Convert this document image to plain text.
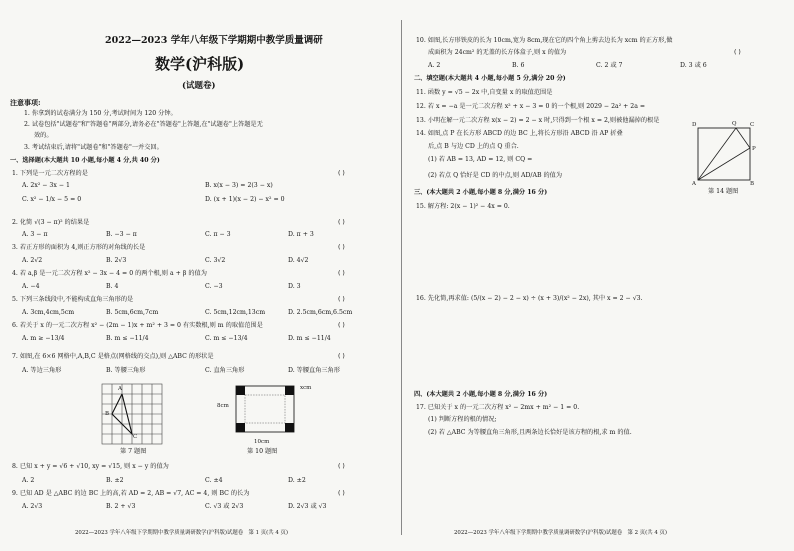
2022—2023 学年八年级下学期期中教学质量调研
数学(沪科版)
(试题卷)
注意事项:
1. 你拿到的试卷满分为 150 分,考试时间为 120 分钟。
2. 试卷包括"试题卷"和"答题卷"两部分,请务必在"答题卷"上答题,在"试题卷"上答题是无
效的。
3. 考试结束后,请将"试题卷"和"答题卷"一并交回。
一、选择题(本大题共 10 小题,每小题 4 分,共 40 分)
1. 下列是一元二次方程的是	( )
A. 2x² − 3x − 1	B. x(x − 3) = 2(3 − x)
C. x² − 1/x − 5 = 0	D. (x + 1)(x − 2) − x² = 0
2. 化简 √(3 − π)² 的结果是	( )
A. 3 − π	B. −3 − π	C. π − 3	D. π + 3
3. 若正方形的面积为 4,则正方形的对角线的长是	( )
A. 2√2	B. 2√3	C. 3√2	D. 4√2
4. 若 a,β 是一元二次方程 x² − 3x − 4 = 0 的两个根,则 a + β 的值为	( )
A. −4	B. 4	C. −3	D. 3
5. 下列三条线段中,不能构成直角三角形的是	( )
A. 3cm,4cm,5cm	B. 5cm,6cm,7cm	C. 5cm,12cm,13cm	D. 2.5cm,6cm,6.5cm
6. 若关于 x 的一元二次方程 x² − (2m − 1)x + m² + 3 = 0 有实数根,则 m 的取值范围是	( )
A. m ≥ −13/4	B. m ≤ −11/4	C. m ≤ −13/4	D. m ≤ −11/4
7. 如图,在 6×6 网格中,A,B,C 是格点(网格线的交点),则 △ABC 的形状是	( )
A. 等边三角形	B. 等腰三角形	C. 直角三角形	D. 等腰直角三角形
A
B
C
第 7 题图
8cm
xcm
10cm
第 10 题图
8. 已知 x + y = √6 + √10, xy = √15, 则 x − y 的值为	( )
A. 2	B. ±2	C. ±4	D. ±2
9. 已知 AD 是 △ABC 的边 BC 上的高,若 AD = 2, AB = √7, AC = 4, 则 BC 的长为	( )
A. 2√3	B. 2 + √3	C. √3 或 2√3	D. 2√3 或 √3
2022—2023 学年八年级下学期期中教学质量调研数学(沪科版)试题卷　第 1 页(共 4 页)
10. 如图,长方形铁皮的长为 10cm,宽为 8cm,现在它的四个角上剪去边长为 xcm 的正方形,做
成面积为 24cm² 的无盖的长方体盒子,则 x 的值为	( )
A. 2	B. 6	C. 2 或 7	D. 3 或 6
二、填空题(本大题共 4 小题,每小题 5 分,满分 20 分)
11. 函数 y = √5 − 2x 中,自变量 x 的取值范围是
12. 若 x = −a 是一元二次方程 x² + x − 3 = 0 的一个根,则 2029 − 2a² + 2a =
13. 小明在解一元二次方程 x(x − 2) = 2 − x 时,只得到一个根 x = 2,则被他漏掉的根是
14. 如图,点 P 在长方形 ABCD 的边 BC 上,将长方形沿 ABCD 沿 AP 折叠
后,点 B 与边 CD 上的点 Q 重合.
(1) 若 AB = 13, AD = 12, 则 CQ =
(2) 若点 Q 恰好是 CD 的中点,则 AD/AB 的值为
A	B
C
D
P
Q
第 14 题图
三、(本大题共 2 小题,每小题 8 分,满分 16 分)
15. 解方程: 2(x − 1)² − 4x = 0.
16. 先化简,再求值: (5/(x − 2) − 2 − x) ÷ (x + 3)/(x² − 2x), 其中 x = 2 − √3.
四、(本大题共 2 小题,每小题 8 分,满分 16 分)
17. 已知关于 x 的一元二次方程 x² − 2mx + m² − 1 = 0.
(1) 判断方程的根的情况;
(2) 若 △ABC 为等腰直角三角形,且两条边长恰好是该方程的根,求 m 的值.
2022—2023 学年八年级下学期期中教学质量调研数学(沪科版)试题卷　第 2 页(共 4 页)
